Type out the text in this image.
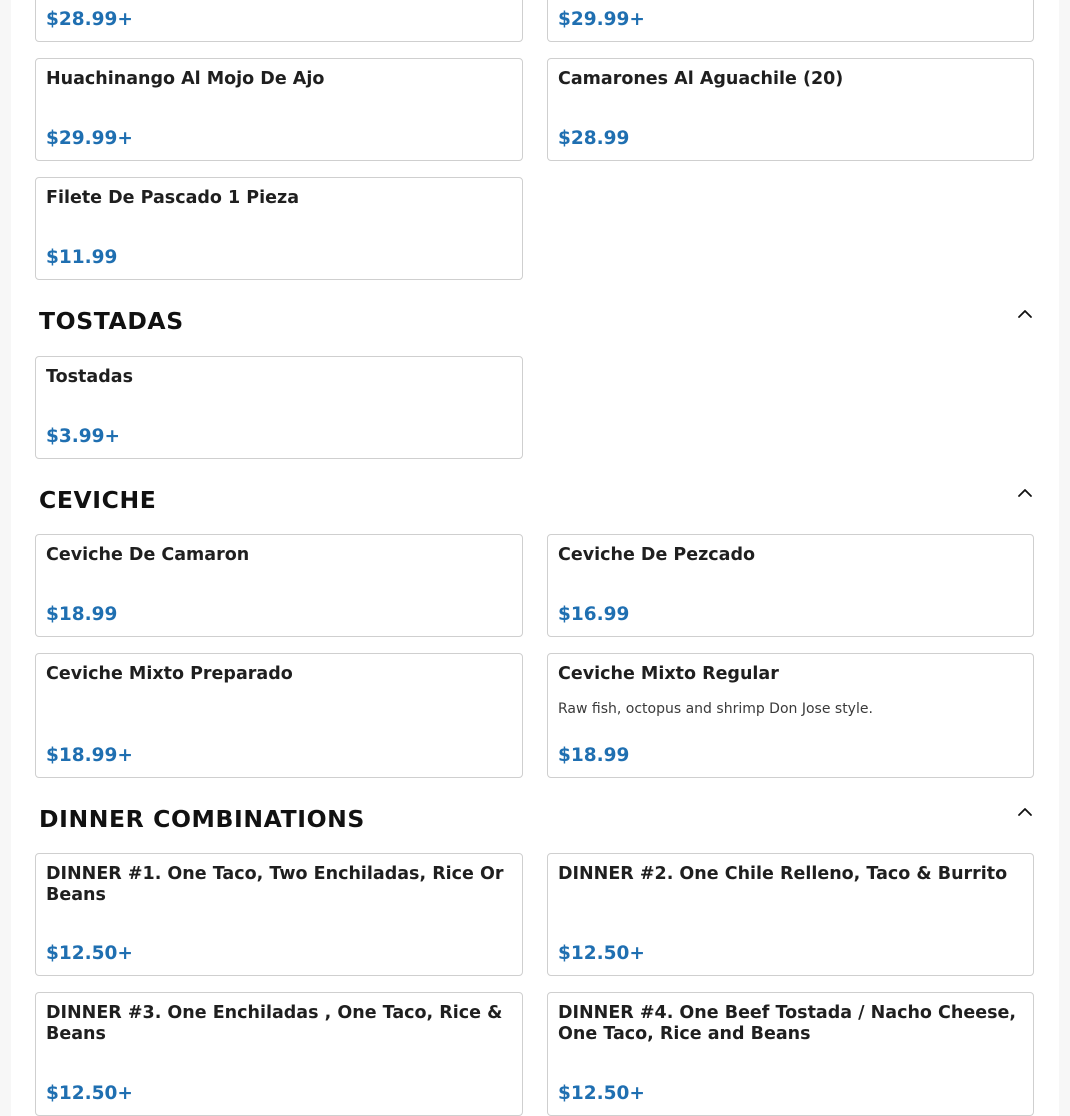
$28.99+	$29.99+
Huachinango Al Mojo De Ajo
$29.99+
Camarones Al Aguachile (20)
$28.99
Filete De Pascado 1 Pieza
$11.99
TOSTADAS
Tostadas
$3.99+
CEVICHE
Ceviche De Camaron
$18.99
Ceviche De Pezcado
$16.99
Ceviche Mixto Preparado
$18.99+
Ceviche Mixto Regular
Raw fish, octopus and shrimp Don Jose style.
$18.99
DINNER COMBINATIONS
DINNER #1. One Taco, Two Enchiladas, Rice Or Beans
$12.50+
DINNER #2. One Chile Relleno, Taco & Burrito
$12.50+
DINNER #3. One Enchiladas , One Taco, Rice & Beans
$12.50+
DINNER #4. One Beef Tostada / Nacho Cheese, One Taco, Rice and Beans
$12.50+
